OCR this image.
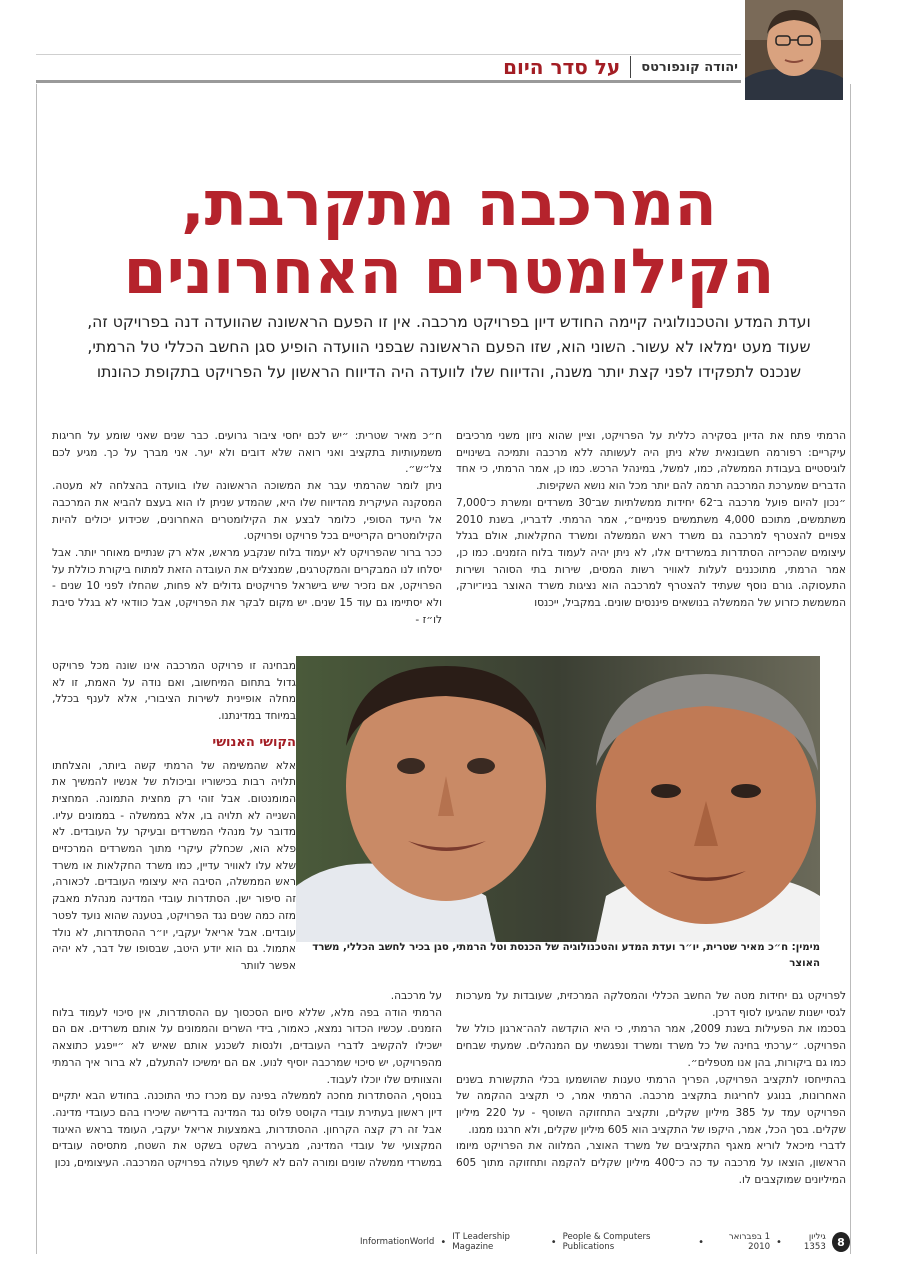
על סדר היום יהודה קונפורטס
המרכבה מתקרבת,
הקילומטרים האחרונים
ועדת המדע והטכנולוגיה קיימה החודש דיון בפרויקט מרכבה. אין זו הפעם הראשונה שהוועדה דנה בפרויקט זה, שעוד מעט ימלאו לא עשור. השוני הוא, שזו הפעם הראשונה שבפני הוועדה הופיע סגן החשב הכללי טל הרמתי, שנכנס לתפקידו לפני קצת יותר משנה, והדיווח שלו לוועדה היה הדיווח הראשון על הפרויקט בתקופת כהונתו

הרמתי פתח את הדיון בסקירה כללית על הפרויקט, וציין שהוא ניזון משני מרכיבים עיקריים: רפורמה חשבונאית שלא ניתן היה לעשותה ללא מרכבה ותמיכה בשינויים לוגיסטיים בעבודת הממשלה, כמו, למשל, במינהל הרכש. כמו כן, אמר הרמתי, כי אחד הדברים שמערכת המרכבה תרמה להם יותר מכל הוא נושא השקיפות.

״נכון להיום פועל מרכבה ב־62 יחידות ממשלתיות שב־30 משרדים ומשרת כ־7,000 משתמשים, מתוכם 4,000 משתמשים פנימיים״, אמר הרמתי. לדבריו, בשנת 2010 צפויים להצטרף למרכבה גם משרד ראש הממשלה ומשרד החקלאות, אולם בגלל עיצומים שהכריזה הסתדרות במשרדים אלו, לא ניתן יהיה לעמוד בלוח הזמנים. כמו כן, אמר הרמתי, מתוכננים לעלות לאוויר רשות המסים, שירות בתי הסוהר ושירות התעסוקה. גורם נוסף שעתיד להצטרף למרכבה הוא נציגות משרד האוצר בניו־יורק, המשמשת כזרוע של הממשלה בנושאים פיננסים שונים. במקביל, ייכנסו

ח״כ מאיר שטרית: ״יש לכם יחסי ציבור גרועים. כבר שנים שאני שומע על חריגות משמעותיות בתקציב ואני רואה שלא דובים ולא יער. אני מברך על כך. מגיע לכם צל״ש״.

ניתן לומר שהרמתי עבר את המשוכה הראשונה שלו בוועדה בהצלחה לא מעטה. המסקנה העיקרית מהדיווח שלו היא, שהמדע שניתן לו הוא בעצם להביא את המרכבה אל היעד הסופי, כלומר לבצע את הקילומטרים האחרונים, שכידוע יכולים להיות הקילומטרים הקריטיים בכל פרויקט ופרויקט.

ככר ברור שהפרויקט לא יעמוד בלוח שנקבע מראש, אלא רק שנתיים מאוחר יותר. אבל יסלחו לנו המבקרים והמקטרגים, שמנצלים את העובדה הזאת למתוח ביקורת כוללת על הפרויקט, אם נזכיר שיש בישראל פרויקטים גדולים לא פחות, שהחלו לפני 10 שנים - ולא יסתיימו גם עוד 15 שנים. יש מקום לבקר את הפרויקט, אבל כוודאי לא בגלל סיבת לו״ז -

מבחינה זו פרויקט המרכבה אינו שונה מכל פרויקט גדול בתחום המיחשוב, ואם נודה על האמת, זו לא מחלה אופיינית לשירות הציבורי, אלא לענף בכלל, במיוחד במדינתנו.

הקושי האנושי

אלא שהמשימה של הרמתי קשה ביותר, והצלחתו תלויה רבות בכישוריו וביכולת של אנשיו להמשיך את המומנטום. אבל זוהי רק מחצית התמונה. המחצית השנייה לא תלויה בו, אלא בממשלה - בממונים עליו. מדובר על מנהלי המשרדים ובעיקר על העובדים. לא פלא הוא, שכחלק עיקרי מתוך המשרדים המרכזיים שלא עלו לאוויר עדיין, כמו משרד החקלאות או משרד ראש הממשלה, הסיבה היא עיצומי העובדים. לכאורה, זה סיפור ישן. הסתדרות עובדי המדינה מנהלת מאבק מזה כמה שנים נגד הפרויקט, בטענה שהוא נועד לפטר עובדים. אבל אריאל יעקבי, יו״ר ההסתדרות, לא נולד אתמול. גם הוא יודע היטב, שבסופו של דבר, לא יהיה אפשר לוותר

מימין: ח״כ מאיר שטרית, יו״ר ועדת המדע והטכנולוגיה של הכנסת וטל הרמתי, סגן בכיר לחשב הכללי, משרד האוצר

על מרכבה.

הרמתי הודה בפה מלא, שללא סיום הסכסוך עם ההסתדרות, אין סיכוי לעמוד בלוח הזמנים. עכשיו הכדור נמצא, כאמור, בידי השרים והממונים על אותם משרדים. אם הם ישכילו להקשיב לדברי העובדים, ולנסות לשכנע אותם שאיש לא ״ייפגע כתוצאה מהפרויקט, יש סיכוי שמרכבה יוסיף לנוע. אם הם ימשיכו להתעלם, לא ברור איך הרמתי והצוותים שלו יוכלו לעבוד.

בנוסף, ההסתדרות מחכה לממשלה בפינה עם מכרז כתי התוכנה. בחודש הבא יתקיים דיון ראשון בעתירת עובדי הקוסט פלוס נגד המדינה בדרישה שיכירו בהם כעובדי מדינה. אבל זה רק קצה הקרחון. ההסתדרות, באמצעות אריאל יעקבי, העומד בראש האיגוד המקצועי של עובדי המדינה, מבעירה בשקט בשקט את השטח, מתסיסה עובדים במשרדי ממשלה שונים ומורה להם לא לשתף פעולה בפרויקט המרכבה. העיצומים, נכון

לפרויקט גם יחידות מטה של החשב הכללי והמסלקה המרכזית, שעובדות על מערכות לגסי ישנות שהגיעו לסוף דרכן.

בסכמו את הפעילות בשנת 2009, אמר הרמתי, כי היא הוקדשה להה־ארגון כולל של הפרויקט. ״ערכתי בחינה של כל משרד ומשרד ונפגשתי עם המנהלים. שמעתי שבחים כמו גם ביקורות, בהן אנו מטפלים״.

בהתייחסו לתקציב הפרויקט, הפריך הרמתי טענות שהושמעו בכלי התקשורת בשנים האחרונות, בנוגע לחריגות בתקציב מרכבה. הרמתי אמר, כי תקציב ההקמה של הפרויקט עמד על 385 מיליון שקלים, ותקציב התחזוקה השוטף - על 220 מיליון שקלים. בסך הכל, אמר, היקפו של התקציב הוא 605 מיליון שקלים, ולא חרגנו ממנו.

לדברי מיכאל לוריא מאגף התקציבים של משרד האוצר, המלווה את הפרויקט מיומו הראשון, הוצאו על מרכבה עד כה כ־400 מיליון שקלים להקמה ותחזוקה מתוך 605 המיליונים שמוקצבים לו.

InformationWorld • IT Leadership Magazine	• People & Computers Publications	•	1 בפברואר 2010 •	גיליון 1353	8
